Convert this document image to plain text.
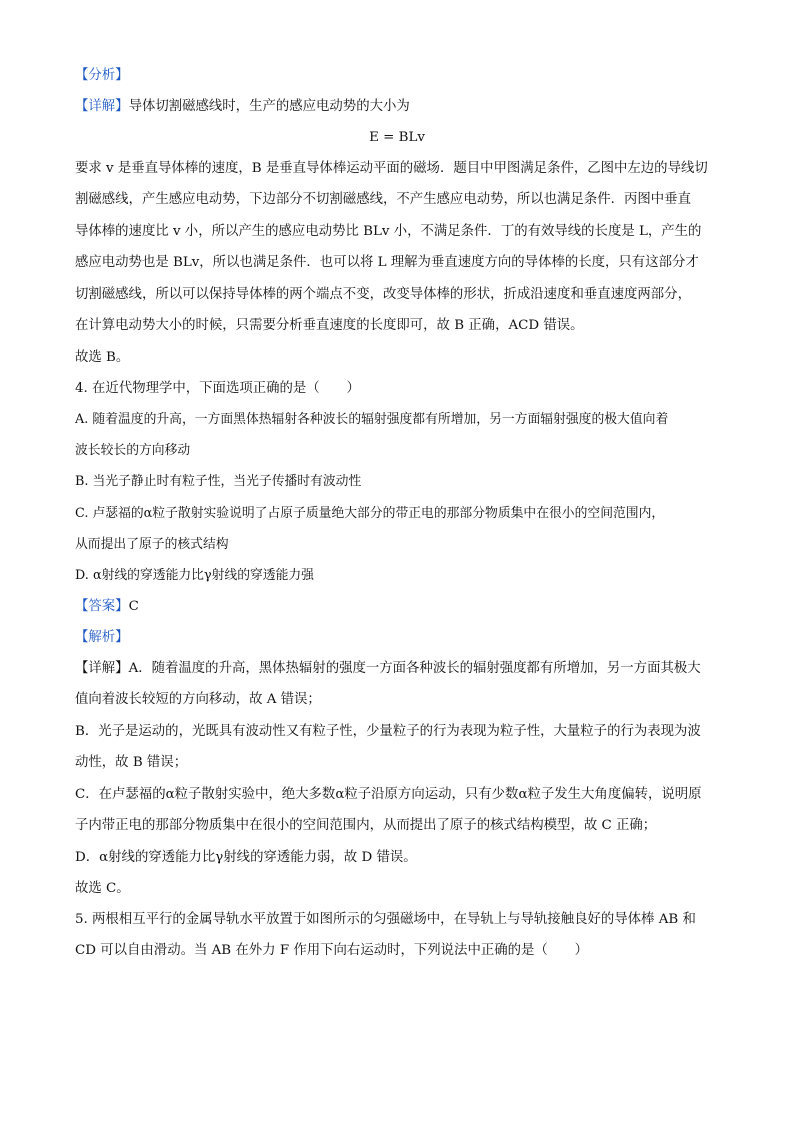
【分析】
【详解】导体切割磁感线时，生产的感应电动势的大小为
E = BLv
要求 v 是垂直导体棒的速度，B 是垂直导体棒运动平面的磁场．题目中甲图满足条件，乙图中左边的导线切
割磁感线，产生感应电动势，下边部分不切割磁感线，不产生感应电动势，所以也满足条件．丙图中垂直
导体棒的速度比 v 小，所以产生的感应电动势比 BLv 小，不满足条件．丁的有效导线的长度是 L，产生的
感应电动势也是 BLv，所以也满足条件．也可以将 L 理解为垂直速度方向的导体棒的长度，只有这部分才
切割磁感线，所以可以保持导体棒的两个端点不变，改变导体棒的形状，折成沿速度和垂直速度两部分，
在计算电动势大小的时候，只需要分析垂直速度的长度即可，故 B 正确，ACD 错误。
故选 B。
4. 在近代物理学中，下面选项正确的是（　　）
A. 随着温度的升高，一方面黑体热辐射各种波长的辐射强度都有所增加，另一方面辐射强度的极大值向着
波长较长的方向移动
B. 当光子静止时有粒子性，当光子传播时有波动性
C. 卢瑟福的α粒子散射实验说明了占原子质量绝大部分的带正电的那部分物质集中在很小的空间范围内，
从而提出了原子的核式结构
D. α射线的穿透能力比γ射线的穿透能力强
【答案】C
【解析】
【详解】A．随着温度的升高，黑体热辐射的强度一方面各种波长的辐射强度都有所增加，另一方面其极大
值向着波长较短的方向移动，故 A 错误；
B．光子是运动的，光既具有波动性又有粒子性，少量粒子的行为表现为粒子性，大量粒子的行为表现为波
动性，故 B 错误；
C．在卢瑟福的α粒子散射实验中，绝大多数α粒子沿原方向运动，只有少数α粒子发生大角度偏转，说明原
子内带正电的那部分物质集中在很小的空间范围内，从而提出了原子的核式结构模型，故 C 正确；
D．α射线的穿透能力比γ射线的穿透能力弱，故 D 错误。
故选 C。
5. 两根相互平行的金属导轨水平放置于如图所示的匀强磁场中，在导轨上与导轨接触良好的导体棒 AB 和
CD 可以自由滑动。当 AB 在外力 F 作用下向右运动时，下列说法中正确的是（　　）
